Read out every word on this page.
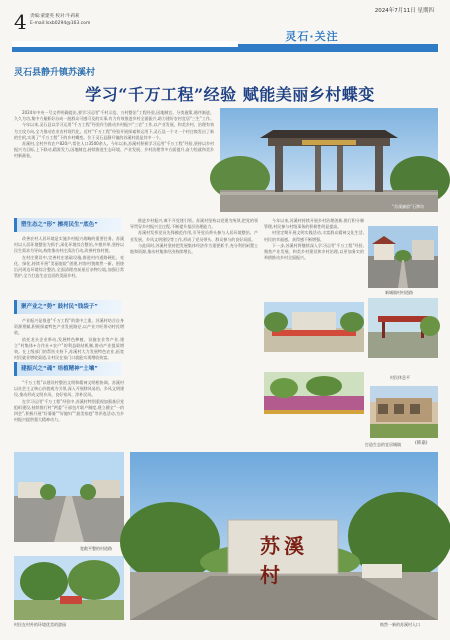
2024年7月11日 星期四
4 责编:蒙建英 校对:牛莉莉
E-mail:lsxb0294@163.com
灵石·关注
灵石县静升镇苏溪村
学习“千万工程”经验 赋能美丽乡村蝶变

2024年中央一号文件明确提出,要学习运用“千村示范、万村整治”工程经验,因地制宜、分类施策,循序渐进、久久为功,集中力量抓好办成一批群众可感可及的实事,有力有效推进乡村全面振兴,助力建好农村宜居“三生”工作。

今年以来,灵石县以学习运用“千万工程”经验作为推动乡村振兴“三农”工作,以产业发展、和美乡村、治理有效为主攻方向,全力推动农业农村现代化。近村“千万工程”经验开展探索和运用下,灵石县一个又一个村庄焕发出了新的生机,实现了“千万工程”下的乡村蝶变。位于灵石县静升镇的苏溪村就是其中一个。

苏溪村,全村共有农户820户,常住人口3500余人。今年以来,苏溪村积极学习运用“千万工程”经验,坚持以乡村振兴为目标,上下联动,精准发力,因地制宜,持续推进生态环境、产业发展、乡村治理等多方面提升,奋力绘就和美乡村新画卷。

“苏溪廉韵”石牌坊
塑生态之“形” 擦亮民生“底色”

改善农村人居环境是实施乡村振兴战略的重要任务。苏溪村以人居环境整治为抓手,深化环境综合整治,多措并举,坚持以民生需求为导向,持续推动村庄清洁行动,改善村容村貌。

在村庄建设中,完善村庄基础设施,推进村内道路硬化、亮化、绿化,持续开展“美丽庭院”创建,村容村貌焕然一新。围绕沿河周边环境综合整治,全面清理房前屋后杂物垃圾,加强日常管护,全力打造生态宜居的美丽乡村。

聚产业之“势” 鼓村民“钱袋子”

产业振兴是推进“千万工程”的重中之重。苏溪村结合自身资源禀赋,积极探索特色产业发展路径,以产业兴旺带动村民增收。

依托龙头企业带动,发展特色种植、设施农业等产业,建立“村集体+合作社+农户”的利益联结机制,推动产业提质增效。在上级部门的帮扶支持下,苏溪村大力发展特色农业,拓宽村民就业增收渠道,让村民在家门口就能实现增收致富。

建振兴之“魂” 培植精神“土壤”

“千万工程”以建设村整治文明和精神文明相协调。苏溪村以社会主义核心价值观为引领,深入开展移风易俗、乡风文明建设,推动形成文明乡风、良好家风、淳朴民风。

在学习运用“千万工程”经验中,苏溪村特别重视加强基层党组织建设,持续推行村“两委”干部包片联户制度,建立健全“一约四会”,积极开展“好婆婆”“好媳妇”“最美家庭”等评选活动,为乡村振兴提供强大精神动力。

推进乡村振兴,离不开党建引领。苏溪村坚持以党建为统领,把党的领导贯穿乡村振兴全过程,不断提升基层治理能力。

苏溪村发挥党员先锋模范作用,引导党员带头参与人居环境整治、产业发展、乡风文明建设等工作,形成了党员带头、群众参与的良好局面。

与此同时,苏溪村坚持把发展集体经济作为重要抓手,充分利用闲置土地和资源,推动村集体经济持续增长。

今年以来,苏溪村持续开展乡村治理创新,推行积分制管理,村民参与村级事务的积极性明显提高。

村里定期开展文明实践活动,丰富群众精神文化生活,村民的幸福感、获得感不断增强。

下一步,苏溪村将继续深入学习运用“千万工程”经验,聚焦产业发展、和美乡村建设和乡村治理,以更加务实的举措推动乡村全面振兴。

(韩嘉)
新城镇村村道路
村民休息平
打造生态的宜居城镇
宽敞平整的村道路
村民在村外的环境优美的游园
苏溪村
焕然一新的苏溪村入口
